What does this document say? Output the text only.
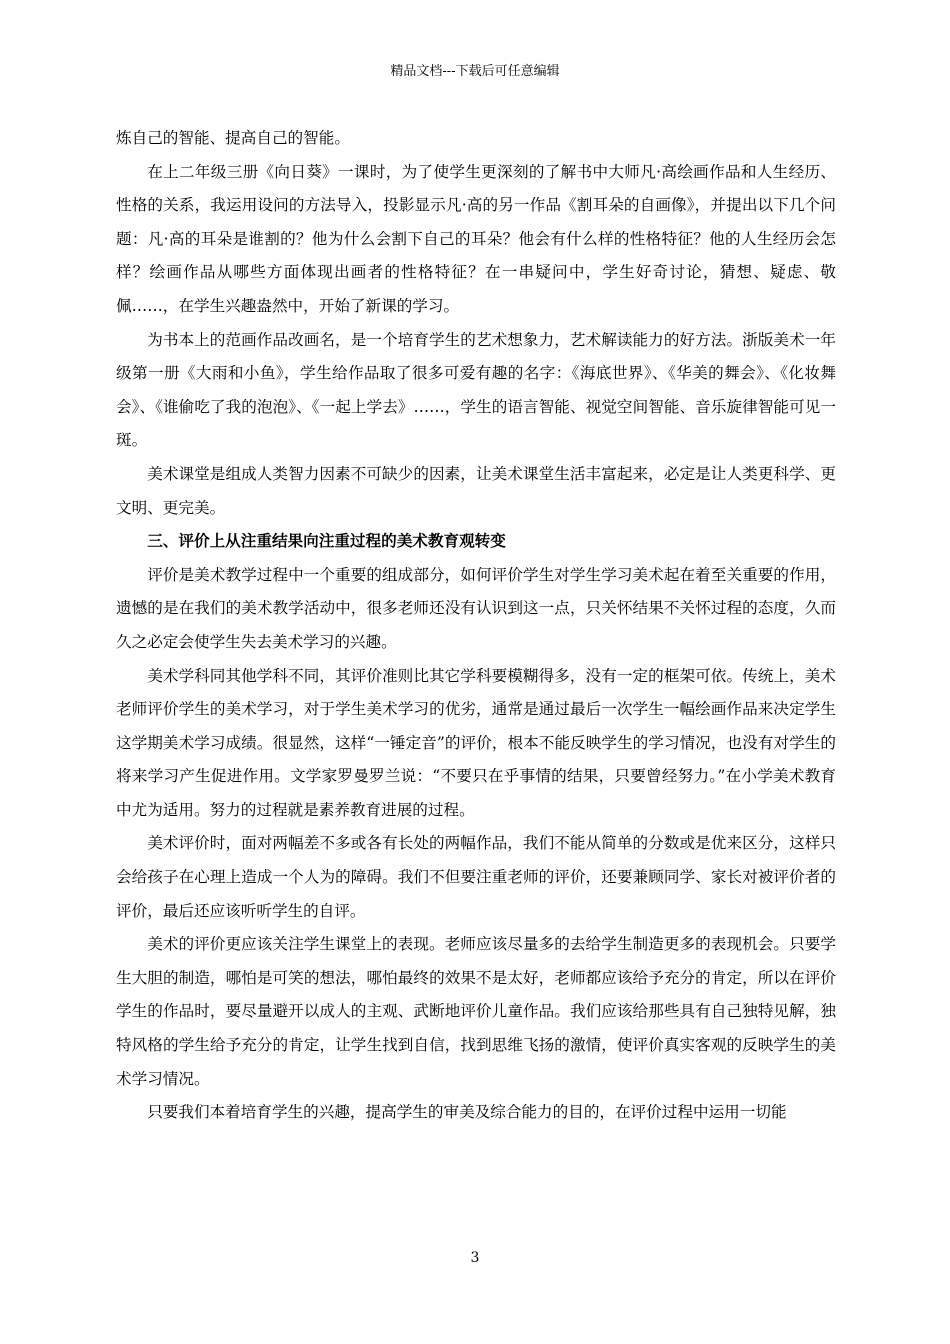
精品文档---下载后可任意编辑

炼自己的智能、提高自己的智能。

在上二年级三册《向日葵》一课时，为了使学生更深刻的了解书中大师凡·高绘画作品和人生经历、性格的关系，我运用设问的方法导入，投影显示凡·高的另一作品《割耳朵的自画像》，并提出以下几个问题：凡·高的耳朵是谁割的？他为什么会割下自己的耳朵？他会有什么样的性格特征？他的人生经历会怎样？绘画作品从哪些方面体现出画者的性格特征？在一串疑问中，学生好奇讨论，猜想、疑虑、敬佩……，在学生兴趣盎然中，开始了新课的学习。

为书本上的范画作品改画名，是一个培育学生的艺术想象力，艺术解读能力的好方法。浙版美术一年级第一册《大雨和小鱼》，学生给作品取了很多可爱有趣的名字：《海底世界》、《华美的舞会》、《化妆舞会》、《谁偷吃了我的泡泡》、《一起上学去》……，学生的语言智能、视觉空间智能、音乐旋律智能可见一斑。

美术课堂是组成人类智力因素不可缺少的因素，让美术课堂生活丰富起来，必定是让人类更科学、更文明、更完美。

三、评价上从注重结果向注重过程的美术教育观转变

评价是美术教学过程中一个重要的组成部分，如何评价学生对学生学习美术起在着至关重要的作用，遗憾的是在我们的美术教学活动中，很多老师还没有认识到这一点，只关怀结果不关怀过程的态度，久而久之必定会使学生失去美术学习的兴趣。

美术学科同其他学科不同，其评价准则比其它学科要模糊得多，没有一定的框架可依。传统上，美术老师评价学生的美术学习，对于学生美术学习的优劣，通常是通过最后一次学生一幅绘画作品来决定学生这学期美术学习成绩。很显然，这样“一锤定音”的评价，根本不能反映学生的学习情况，也没有对学生的将来学习产生促进作用。文学家罗曼罗兰说：“不要只在乎事情的结果，只要曾经努力。”在小学美术教育中尤为适用。努力的过程就是素养教育进展的过程。

美术评价时，面对两幅差不多或各有长处的两幅作品，我们不能从简单的分数或是优来区分，这样只会给孩子在心理上造成一个人为的障碍。我们不但要注重老师的评价，还要兼顾同学、家长对被评价者的评价，最后还应该听听学生的自评。

美术的评价更应该关注学生课堂上的表现。老师应该尽量多的去给学生制造更多的表现机会。只要学生大胆的制造，哪怕是可笑的想法，哪怕最终的效果不是太好，老师都应该给予充分的肯定，所以在评价学生的作品时，要尽量避开以成人的主观、武断地评价儿童作品。我们应该给那些具有自己独特见解，独特风格的学生给予充分的肯定，让学生找到自信，找到思维飞扬的激情，使评价真实客观的反映学生的美术学习情况。

只要我们本着培育学生的兴趣，提高学生的审美及综合能力的目的，在评价过程中运用一切能

3
